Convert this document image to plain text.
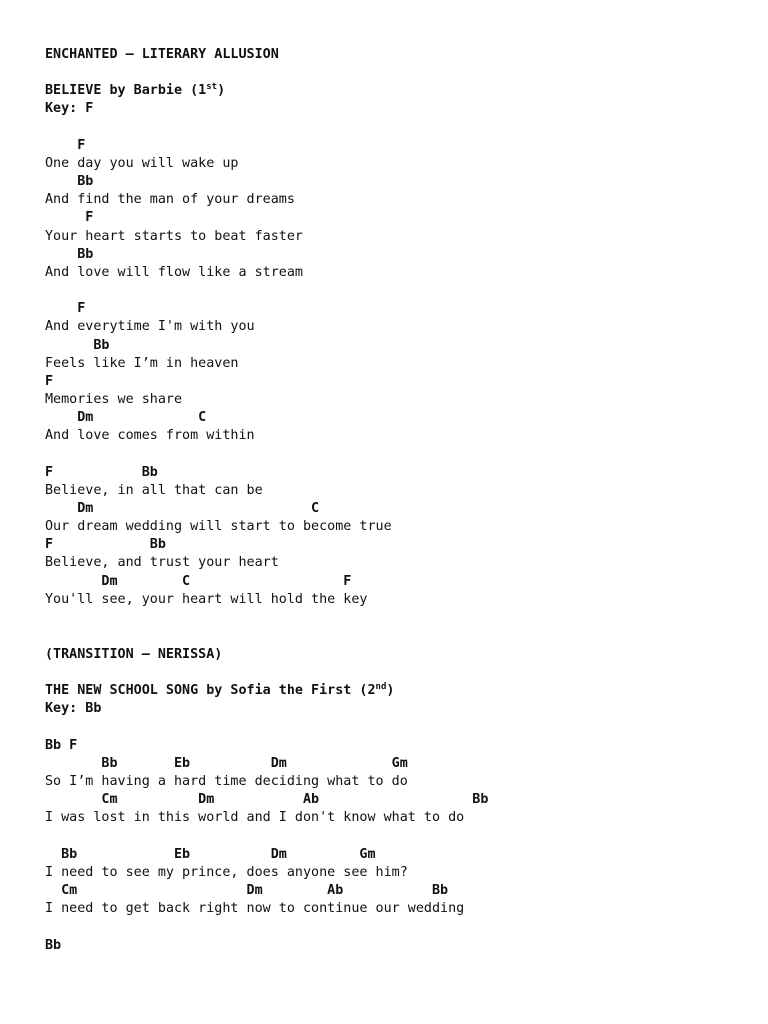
ENCHANTED – LITERARY ALLUSION
BELIEVE by Barbie (1st)
Key: F
F
One day you will wake up
Bb
And find the man of your dreams
F
Your heart starts to beat faster
Bb
And love will flow like a stream
F
And everytime I'm with you
Bb
Feels like I’m in heaven
F
Memories we share
Dm             C
And love comes from within
F           Bb
Believe, in all that can be
Dm                           C
Our dream wedding will start to become true
F            Bb
Believe, and trust your heart
Dm        C                   F
You'll see, your heart will hold the key
(TRANSITION – NERISSA)
THE NEW SCHOOL SONG by Sofia the First (2nd)
Key: Bb
Bb F
Bb       Eb          Dm             Gm
So I’m having a hard time deciding what to do
Cm          Dm           Ab                   Bb
I was lost in this world and I don't know what to do
Bb            Eb          Dm         Gm
I need to see my prince, does anyone see him?
Cm                     Dm        Ab           Bb
I need to get back right now to continue our wedding
Bb
